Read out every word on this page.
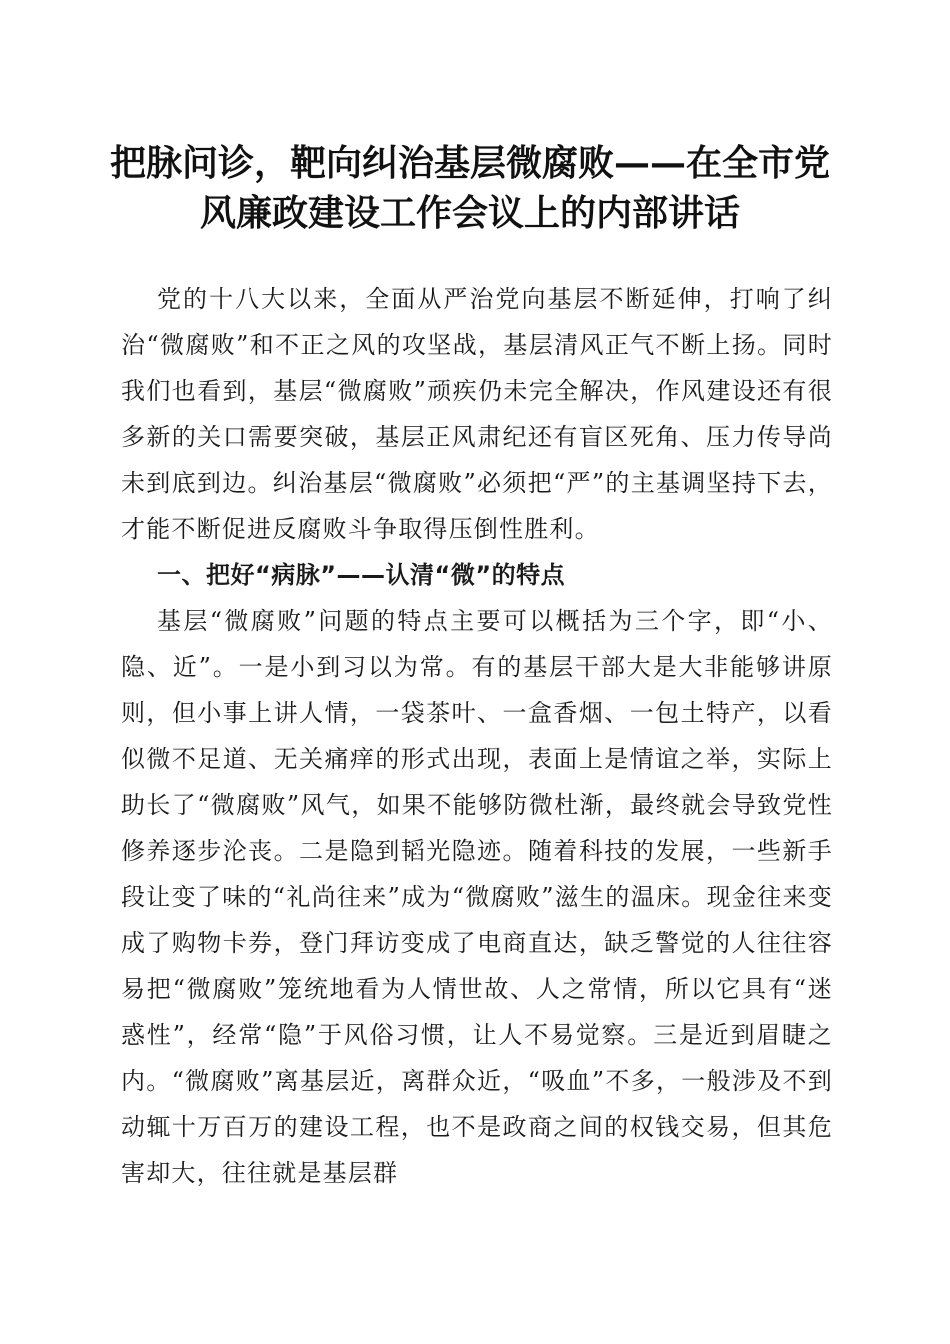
把脉问诊，靶向纠治基层微腐败——在全市党
风廉政建设工作会议上的内部讲话

党的十八大以来，全面从严治党向基层不断延伸，打响了纠治“微腐败”和不正之风的攻坚战，基层清风正气不断上扬。同时我们也看到，基层“微腐败”顽疾仍未完全解决，作风建设还有很多新的关口需要突破，基层正风肃纪还有盲区死角、压力传导尚未到底到边。纠治基层“微腐败”必须把“严”的主基调坚持下去，才能不断促进反腐败斗争取得压倒性胜利。

一、把好“病脉”——认清“微”的特点

基层“微腐败”问题的特点主要可以概括为三个字，即“小、隐、近”。一是小到习以为常。有的基层干部大是大非能够讲原则，但小事上讲人情，一袋茶叶、一盒香烟、一包土特产，以看似微不足道、无关痛痒的形式出现，表面上是情谊之举，实际上助长了“微腐败”风气，如果不能够防微杜渐，最终就会导致党性修养逐步沦丧。二是隐到韬光隐迹。随着科技的发展，一些新手段让变了味的“礼尚往来”成为“微腐败”滋生的温床。现金往来变成了购物卡券，登门拜访变成了电商直达，缺乏警觉的人往往容易把“微腐败”笼统地看为人情世故、人之常情，所以它具有“迷惑性”，经常“隐”于风俗习惯，让人不易觉察。三是近到眉睫之内。“微腐败”离基层近，离群众近，“吸血”不多，一般涉及不到动辄十万百万的建设工程，也不是政商之间的权钱交易，但其危害却大，往往就是基层群
